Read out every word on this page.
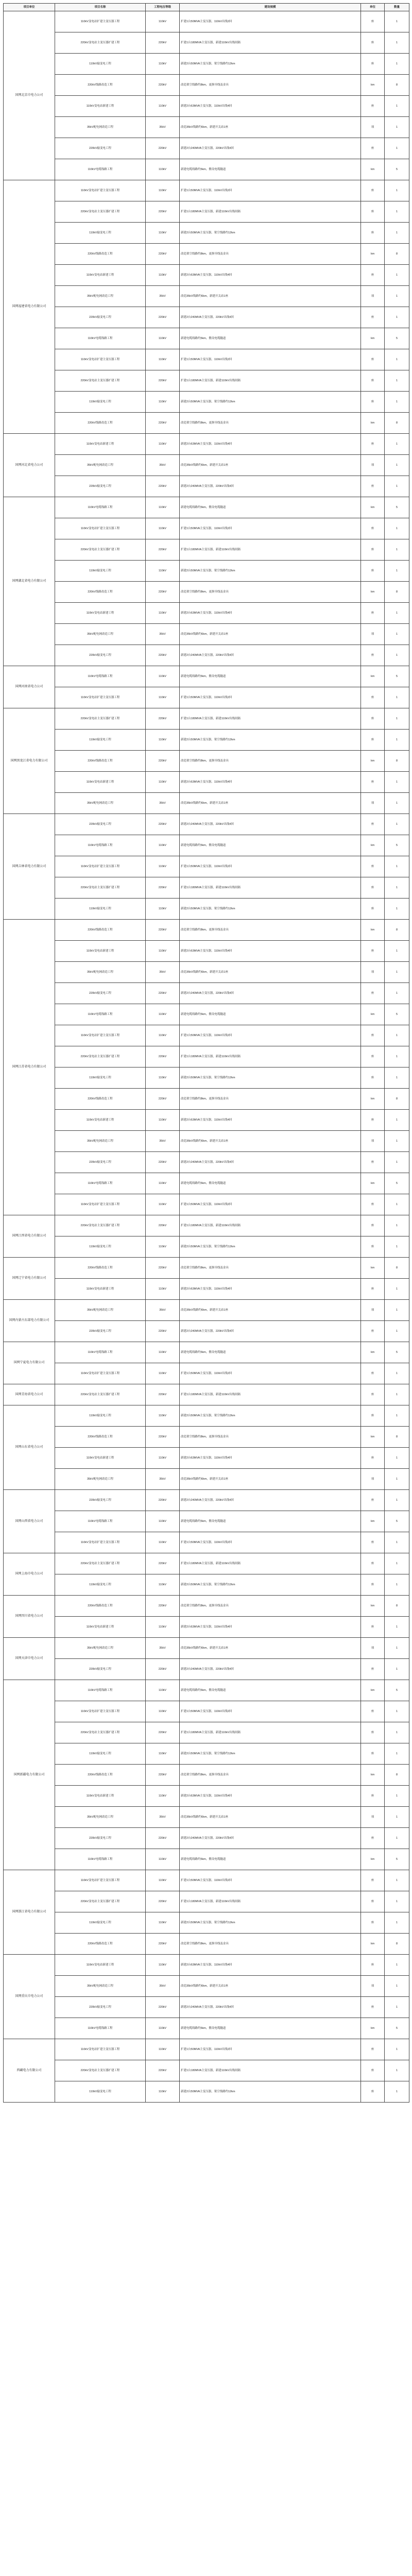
项目单位	项目名称	工程电压等级	建设规模	单位	数量
国网北京市电力公司	110kV变电站扩建主变压器工程	110kV	扩建1台50MVA主变压器，110kV出线2回	座	1
	220kV变电站主变压器扩建工程	220kV	扩建1台180MVA主变压器，新建110kV出线间隔	座	1
	110kV输变电工程	110kV	新建2台50MVA主变压器，架空线路约12km	座	1
	220kV线路改造工程	220kV	改造架空线路约8km，更换导线及金具	km	8
	110kV变电站新建工程	110kV	新建2台63MVA主变压器，110kV出线4回	座	1
	35kV配电网改造工程	35kV	改造35kV线路约6km，新建开关站1座	项	1
	220kV输变电工程	220kV	新建2台240MVA主变压器，220kV出线4回	座	1
	110kV电缆线路工程	110kV	新建电缆线路约5km，敷设电缆隧道	km	5
国网福建省电力有限公司	110kV变电站扩建主变压器工程	110kV	扩建1台50MVA主变压器，110kV出线2回	座	1
	220kV变电站主变压器扩建工程	220kV	扩建1台180MVA主变压器，新建110kV出线间隔	座	1
	110kV输变电工程	110kV	新建2台50MVA主变压器，架空线路约12km	座	1
	220kV线路改造工程	220kV	改造架空线路约8km，更换导线及金具	km	8
	110kV变电站新建工程	110kV	新建2台63MVA主变压器，110kV出线4回	座	1
	35kV配电网改造工程	35kV	改造35kV线路约6km，新建开关站1座	项	1
	220kV输变电工程	220kV	新建2台240MVA主变压器，220kV出线4回	座	1
	110kV电缆线路工程	110kV	新建电缆线路约5km，敷设电缆隧道	km	5
	110kV变电站扩建主变压器工程	110kV	扩建1台50MVA主变压器，110kV出线2回	座	1
	220kV变电站主变压器扩建工程	220kV	扩建1台180MVA主变压器，新建110kV出线间隔	座	1
	110kV输变电工程	110kV	新建2台50MVA主变压器，架空线路约12km	座	1
	220kV线路改造工程	220kV	改造架空线路约8km，更换导线及金具	km	8
国网河北省电力公司	110kV变电站新建工程	110kV	新建2台63MVA主变压器，110kV出线4回	座	1
	35kV配电网改造工程	35kV	改造35kV线路约6km，新建开关站1座	项	1
	220kV输变电工程	220kV	新建2台240MVA主变压器，220kV出线4回	座	1
国网湖北省电力有限公司	110kV电缆线路工程	110kV	新建电缆线路约5km，敷设电缆隧道	km	5
	110kV变电站扩建主变压器工程	110kV	扩建1台50MVA主变压器，110kV出线2回	座	1
	220kV变电站主变压器扩建工程	220kV	扩建1台180MVA主变压器，新建110kV出线间隔	座	1
	110kV输变电工程	110kV	新建2台50MVA主变压器，架空线路约12km	座	1
	220kV线路改造工程	220kV	改造架空线路约8km，更换导线及金具	km	8
	110kV变电站新建工程	110kV	新建2台63MVA主变压器，110kV出线4回	座	1
	35kV配电网改造工程	35kV	改造35kV线路约6km，新建开关站1座	项	1
	220kV输变电工程	220kV	新建2台240MVA主变压器，220kV出线4回	座	1
国网河南省电力公司	110kV电缆线路工程	110kV	新建电缆线路约5km，敷设电缆隧道	km	5
	110kV变电站扩建主变压器工程	110kV	扩建1台50MVA主变压器，110kV出线2回	座	1
国网黑龙江省电力有限公司	220kV变电站主变压器扩建工程	220kV	扩建1台180MVA主变压器，新建110kV出线间隔	座	1
	110kV输变电工程	110kV	新建2台50MVA主变压器，架空线路约12km	座	1
	220kV线路改造工程	220kV	改造架空线路约8km，更换导线及金具	km	8
	110kV变电站新建工程	110kV	新建2台63MVA主变压器，110kV出线4回	座	1
	35kV配电网改造工程	35kV	改造35kV线路约6km，新建开关站1座	项	1
国网吉林省电力有限公司	220kV输变电工程	220kV	新建2台240MVA主变压器，220kV出线4回	座	1
	110kV电缆线路工程	110kV	新建电缆线路约5km，敷设电缆隧道	km	5
	110kV变电站扩建主变压器工程	110kV	扩建1台50MVA主变压器，110kV出线2回	座	1
	220kV变电站主变压器扩建工程	220kV	扩建1台180MVA主变压器，新建110kV出线间隔	座	1
	110kV输变电工程	110kV	新建2台50MVA主变压器，架空线路约12km	座	1
国网江苏省电力有限公司	220kV线路改造工程	220kV	改造架空线路约8km，更换导线及金具	km	8
	110kV变电站新建工程	110kV	新建2台63MVA主变压器，110kV出线4回	座	1
	35kV配电网改造工程	35kV	改造35kV线路约6km，新建开关站1座	项	1
	220kV输变电工程	220kV	新建2台240MVA主变压器，220kV出线4回	座	1
	110kV电缆线路工程	110kV	新建电缆线路约5km，敷设电缆隧道	km	5
	110kV变电站扩建主变压器工程	110kV	扩建1台50MVA主变压器，110kV出线2回	座	1
	220kV变电站主变压器扩建工程	220kV	扩建1台180MVA主变压器，新建110kV出线间隔	座	1
	110kV输变电工程	110kV	新建2台50MVA主变压器，架空线路约12km	座	1
	220kV线路改造工程	220kV	改造架空线路约8km，更换导线及金具	km	8
	110kV变电站新建工程	110kV	新建2台63MVA主变压器，110kV出线4回	座	1
	35kV配电网改造工程	35kV	改造35kV线路约6km，新建开关站1座	项	1
	220kV输变电工程	220kV	新建2台240MVA主变压器，220kV出线4回	座	1
	110kV电缆线路工程	110kV	新建电缆线路约5km，敷设电缆隧道	km	5
	110kV变电站扩建主变压器工程	110kV	扩建1台50MVA主变压器，110kV出线2回	座	1
国网江西省电力有限公司	220kV变电站主变压器扩建工程	220kV	扩建1台180MVA主变压器，新建110kV出线间隔	座	1
	110kV输变电工程	110kV	新建2台50MVA主变压器，架空线路约12km	座	1
国网辽宁省电力有限公司	220kV线路改造工程	220kV	改造架空线路约8km，更换导线及金具	km	8
	110kV变电站新建工程	110kV	新建2台63MVA主变压器，110kV出线4回	座	1
国网内蒙古东部电力有限公司	35kV配电网改造工程	35kV	改造35kV线路约6km，新建开关站1座	项	1
	220kV输变电工程	220kV	新建2台240MVA主变压器，220kV出线4回	座	1
国网宁夏电力有限公司	110kV电缆线路工程	110kV	新建电缆线路约5km，敷设电缆隧道	km	5
	110kV变电站扩建主变压器工程	110kV	扩建1台50MVA主变压器，110kV出线2回	座	1
国网青海省电力公司	220kV变电站主变压器扩建工程	220kV	扩建1台180MVA主变压器，新建110kV出线间隔	座	1
国网山东省电力公司	110kV输变电工程	110kV	新建2台50MVA主变压器，架空线路约12km	座	1
	220kV线路改造工程	220kV	改造架空线路约8km，更换导线及金具	km	8
	110kV变电站新建工程	110kV	新建2台63MVA主变压器，110kV出线4回	座	1
	35kV配电网改造工程	35kV	改造35kV线路约6km，新建开关站1座	项	1
国网山西省电力公司	220kV输变电工程	220kV	新建2台240MVA主变压器，220kV出线4回	座	1
	110kV电缆线路工程	110kV	新建电缆线路约5km，敷设电缆隧道	km	5
	110kV变电站扩建主变压器工程	110kV	扩建1台50MVA主变压器，110kV出线2回	座	1
国网上海市电力公司	220kV变电站主变压器扩建工程	220kV	扩建1台180MVA主变压器，新建110kV出线间隔	座	1
	110kV输变电工程	110kV	新建2台50MVA主变压器，架空线路约12km	座	1
国网四川省电力公司	220kV线路改造工程	220kV	改造架空线路约8km，更换导线及金具	km	8
	110kV变电站新建工程	110kV	新建2台63MVA主变压器，110kV出线4回	座	1
国网天津市电力公司	35kV配电网改造工程	35kV	改造35kV线路约6km，新建开关站1座	项	1
	220kV输变电工程	220kV	新建2台240MVA主变压器，220kV出线4回	座	1
国网新疆电力有限公司	110kV电缆线路工程	110kV	新建电缆线路约5km，敷设电缆隧道	km	5
	110kV变电站扩建主变压器工程	110kV	扩建1台50MVA主变压器，110kV出线2回	座	1
	220kV变电站主变压器扩建工程	220kV	扩建1台180MVA主变压器，新建110kV出线间隔	座	1
	110kV输变电工程	110kV	新建2台50MVA主变压器，架空线路约12km	座	1
	220kV线路改造工程	220kV	改造架空线路约8km，更换导线及金具	km	8
	110kV变电站新建工程	110kV	新建2台63MVA主变压器，110kV出线4回	座	1
	35kV配电网改造工程	35kV	改造35kV线路约6km，新建开关站1座	项	1
	220kV输变电工程	220kV	新建2台240MVA主变压器，220kV出线4回	座	1
	110kV电缆线路工程	110kV	新建电缆线路约5km，敷设电缆隧道	km	5
国网浙江省电力有限公司	110kV变电站扩建主变压器工程	110kV	扩建1台50MVA主变压器，110kV出线2回	座	1
	220kV变电站主变压器扩建工程	220kV	扩建1台180MVA主变压器，新建110kV出线间隔	座	1
	110kV输变电工程	110kV	新建2台50MVA主变压器，架空线路约12km	座	1
	220kV线路改造工程	220kV	改造架空线路约8km，更换导线及金具	km	8
国网重庆市电力公司	110kV变电站新建工程	110kV	新建2台63MVA主变压器，110kV出线4回	座	1
	35kV配电网改造工程	35kV	改造35kV线路约6km，新建开关站1座	项	1
	220kV输变电工程	220kV	新建2台240MVA主变压器，220kV出线4回	座	1
	110kV电缆线路工程	110kV	新建电缆线路约5km，敷设电缆隧道	km	5
西藏电力有限公司	110kV变电站扩建主变压器工程	110kV	扩建1台50MVA主变压器，110kV出线2回	座	1
	220kV变电站主变压器扩建工程	220kV	扩建1台180MVA主变压器，新建110kV出线间隔	座	1
	110kV输变电工程	110kV	新建2台50MVA主变压器，架空线路约12km	座	1
